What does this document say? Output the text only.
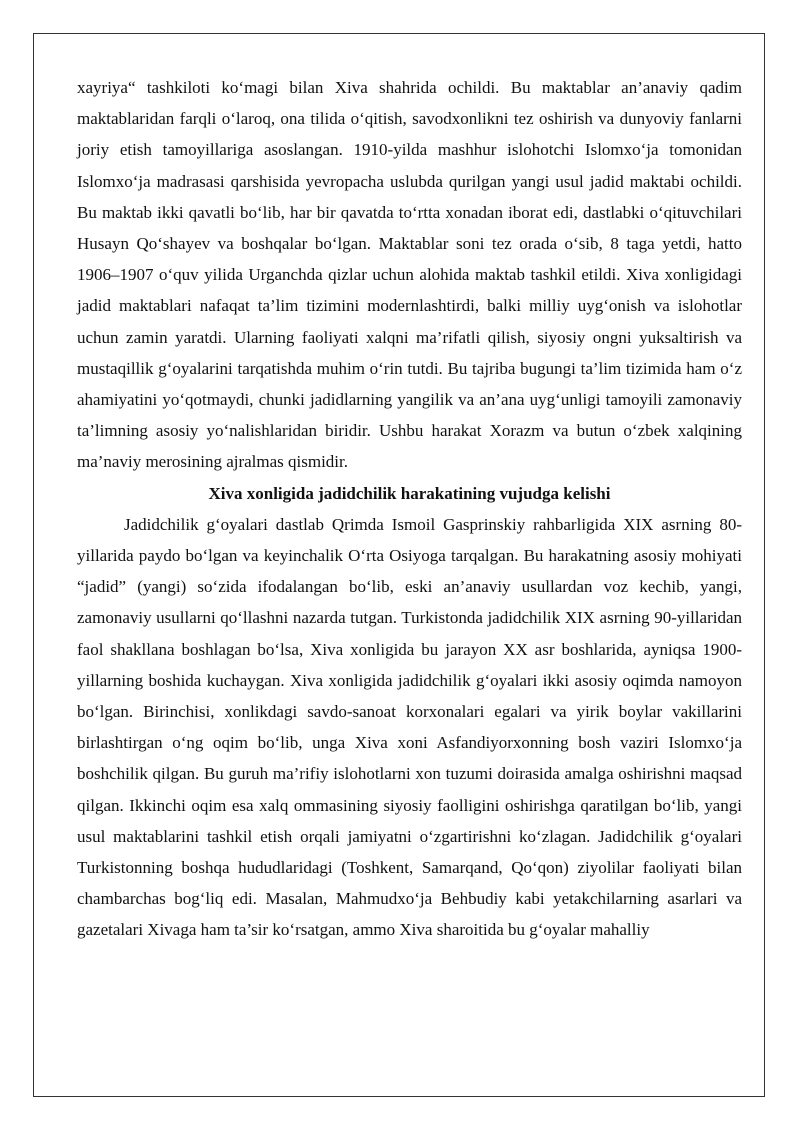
xayriya“ tashkiloti ko‘magi bilan Xiva shahrida ochildi. Bu maktablar an’anaviy qadim maktablaridan farqli o‘laroq, ona tilida o‘qitish, savodxonlikni tez oshirish va dunyoviy fanlarni joriy etish tamoyillariga asoslangan. 1910-yilda mashhur islohotchi Islomxo‘ja tomonidan Islomxo‘ja madrasasi qarshisida yevropacha uslubda qurilgan yangi usul jadid maktabi ochildi. Bu maktab ikki qavatli bo‘lib, har bir qavatda to‘rtta xonadan iborat edi, dastlabki o‘qituvchilari Husayn Qo‘shayev va boshqalar bo‘lgan. Maktablar soni tez orada o‘sib, 8 taga yetdi, hatto 1906–1907 o‘quv yilida Urganchda qizlar uchun alohida maktab tashkil etildi. Xiva xonligidagi jadid maktablari nafaqat ta’lim tizimini modernlashtirdi, balki milliy uyg‘onish va islohotlar uchun zamin yaratdi. Ularning faoliyati xalqni ma’rifatli qilish, siyosiy ongni yuksaltirish va mustaqillik g‘oyalarini tarqatishda muhim o‘rin tutdi. Bu tajriba bugungi ta’lim tizimida ham o‘z ahamiyatini yo‘qotmaydi, chunki jadidlarning yangilik va an’ana uyg‘unligi tamoyili zamonaviy ta’limning asosiy yo‘nalishlaridan biridir. Ushbu harakat Xorazm va butun o‘zbek xalqining ma’naviy merosining ajralmas qismidir.

Xiva xonligida jadidchilik harakatining vujudga kelishi

Jadidchilik g‘oyalari dastlab Qrimda Ismoil Gasprinskiy rahbarligida XIX asrning 80-yillarida paydo bo‘lgan va keyinchalik O‘rta Osiyoga tarqalgan. Bu harakatning asosiy mohiyati “jadid” (yangi) so‘zida ifodalangan bo‘lib, eski an’anaviy usullardan voz kechib, yangi, zamonaviy usullarni qo‘llashni nazarda tutgan. Turkistonda jadidchilik XIX asrning 90-yillaridan faol shakllana boshlagan bo‘lsa, Xiva xonligida bu jarayon XX asr boshlarida, ayniqsa 1900-yillarning boshida kuchaygan. Xiva xonligida jadidchilik g‘oyalari ikki asosiy oqimda namoyon bo‘lgan. Birinchisi, xonlikdagi savdo-sanoat korxonalari egalari va yirik boylar vakillarini birlashtirgan o‘ng oqim bo‘lib, unga Xiva xoni Asfandiyorxonning bosh vaziri Islomxo‘ja boshchilik qilgan. Bu guruh ma’rifiy islohotlarni xon tuzumi doirasida amalga oshirishni maqsad qilgan. Ikkinchi oqim esa xalq ommasining siyosiy faolligini oshirishga qaratilgan bo‘lib, yangi usul maktablarini tashkil etish orqali jamiyatni o‘zgartirishni ko‘zlagan. Jadidchilik g‘oyalari Turkistonning boshqa hududlaridagi (Toshkent, Samarqand, Qo‘qon) ziyolilar faoliyati bilan chambarchas bog‘liq edi. Masalan, Mahmudxo‘ja Behbudiy kabi yetakchilarning asarlari va gazetalari Xivaga ham ta’sir ko‘rsatgan, ammo Xiva sharoitida bu g‘oyalar mahalliy
